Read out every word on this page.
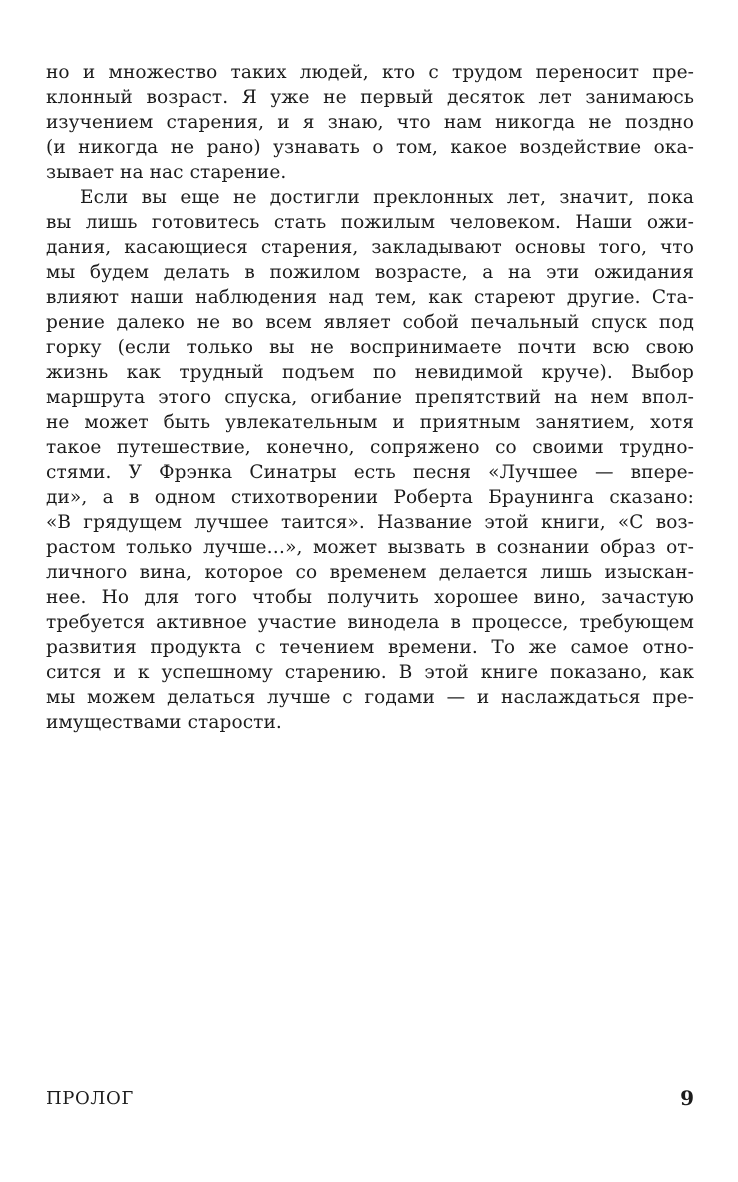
но и множество таких людей, кто с трудом переносит пре-
клонный возраст. Я уже не первый десяток лет занимаюсь
изучением старения, и я знаю, что нам никогда не поздно
(и никогда не рано) узнавать о том, какое воздействие ока-
зывает на нас старение.
Если вы еще не достигли преклонных лет, значит, пока
вы лишь готовитесь стать пожилым человеком. Наши ожи-
дания, касающиеся старения, закладывают основы того, что
мы будем делать в пожилом возрасте, а на эти ожидания
влияют наши наблюдения над тем, как стареют другие. Ста-
рение далеко не во всем являет собой печальный спуск под
горку (если только вы не воспринимаете почти всю свою
жизнь как трудный подъем по невидимой круче). Выбор
маршрута этого спуска, огибание препятствий на нем впол-
не может быть увлекательным и приятным занятием, хотя
такое путешествие, конечно, сопряжено со своими трудно-
стями. У Фрэнка Синатры есть песня «Лучшее — впере-
ди», а в одном стихотворении Роберта Браунинга сказано:
«В грядущем лучшее таится». Название этой книги, «С воз-
растом только лучше…», может вызвать в сознании образ от-
личного вина, которое со временем делается лишь изыскан-
нее. Но для того чтобы получить хорошее вино, зачастую
требуется активное участие винодела в процессе, требующем
развития продукта с течением времени. То же самое отно-
сится и к успешному старению. В этой книге показано, как
мы можем делаться лучше с годами — и наслаждаться пре-
имуществами старости.
ПРОЛОГ	9
